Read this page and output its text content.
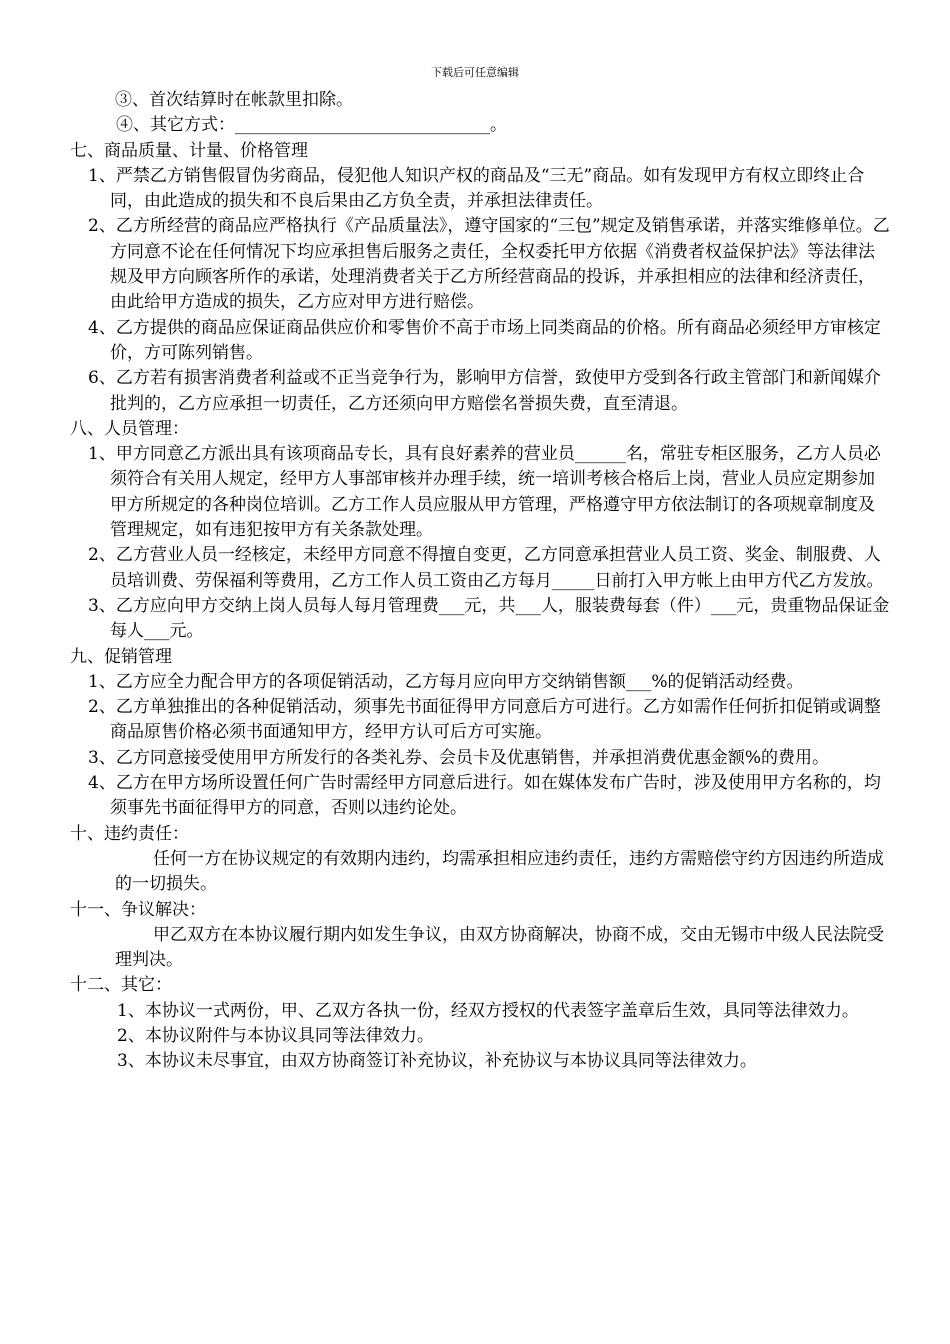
下载后可任意编辑

③、首次结算时在帐款里扣除。

④、其它方式：______________________________。

七、商品质量、计量、价格管理

1、严禁乙方销售假冒伪劣商品，侵犯他人知识产权的商品及“三无”商品。如有发现甲方有权立即终止合同，由此造成的损失和不良后果由乙方负全责，并承担法律责任。

2、乙方所经营的商品应严格执行《产品质量法》，遵守国家的“三包”规定及销售承诺，并落实维修单位。乙方同意不论在任何情况下均应承担售后服务之责任，全权委托甲方依据《消费者权益保护法》等法律法规及甲方向顾客所作的承诺，处理消费者关于乙方所经营商品的投诉，并承担相应的法律和经济责任，由此给甲方造成的损失，乙方应对甲方进行赔偿。

4、乙方提供的商品应保证商品供应价和零售价不高于市场上同类商品的价格。所有商品必须经甲方审核定价，方可陈列销售。

6、乙方若有损害消费者利益或不正当竞争行为，影响甲方信誉，致使甲方受到各行政主管部门和新闻媒介批判的，乙方应承担一切责任，乙方还须向甲方赔偿名誉损失费，直至清退。

八、人员管理：

1、甲方同意乙方派出具有该项商品专长，具有良好素养的营业员______名，常驻专柜区服务，乙方人员必须符合有关用人规定，经甲方人事部审核并办理手续，统一培训考核合格后上岗，营业人员应定期参加甲方所规定的各种岗位培训。乙方工作人员应服从甲方管理，严格遵守甲方依法制订的各项规章制度及管理规定，如有违犯按甲方有关条款处理。

2、乙方营业人员一经核定，未经甲方同意不得擅自变更，乙方同意承担营业人员工资、奖金、制服费、人员培训费、劳保福利等费用，乙方工作人员工资由乙方每月_____日前打入甲方帐上由甲方代乙方发放。

3、乙方应向甲方交纳上岗人员每人每月管理费___元，共___人，服装费每套（件）___元，贵重物品保证金每人___元。

九、促销管理

1、乙方应全力配合甲方的各项促销活动，乙方每月应向甲方交纳销售额___%的促销活动经费。

2、乙方单独推出的各种促销活动，须事先书面征得甲方同意后方可进行。乙方如需作任何折扣促销或调整商品原售价格必须书面通知甲方，经甲方认可后方可实施。

3、乙方同意接受使用甲方所发行的各类礼券、会员卡及优惠销售，并承担消费优惠金额%的费用。

4、乙方在甲方场所设置任何广告时需经甲方同意后进行。如在媒体发布广告时，涉及使用甲方名称的，均须事先书面征得甲方的同意，否则以违约论处。

十、违约责任：

任何一方在协议规定的有效期内违约，均需承担相应违约责任，违约方需赔偿守约方因违约所造成的一切损失。

十一、争议解决：

甲乙双方在本协议履行期内如发生争议，由双方协商解决，协商不成，交由无锡市中级人民法院受理判决。

十二、其它：

1、本协议一式两份，甲、乙双方各执一份，经双方授权的代表签字盖章后生效，具同等法律效力。

2、本协议附件与本协议具同等法律效力。

3、本协议未尽事宜，由双方协商签订补充协议，补充协议与本协议具同等法律效力。
